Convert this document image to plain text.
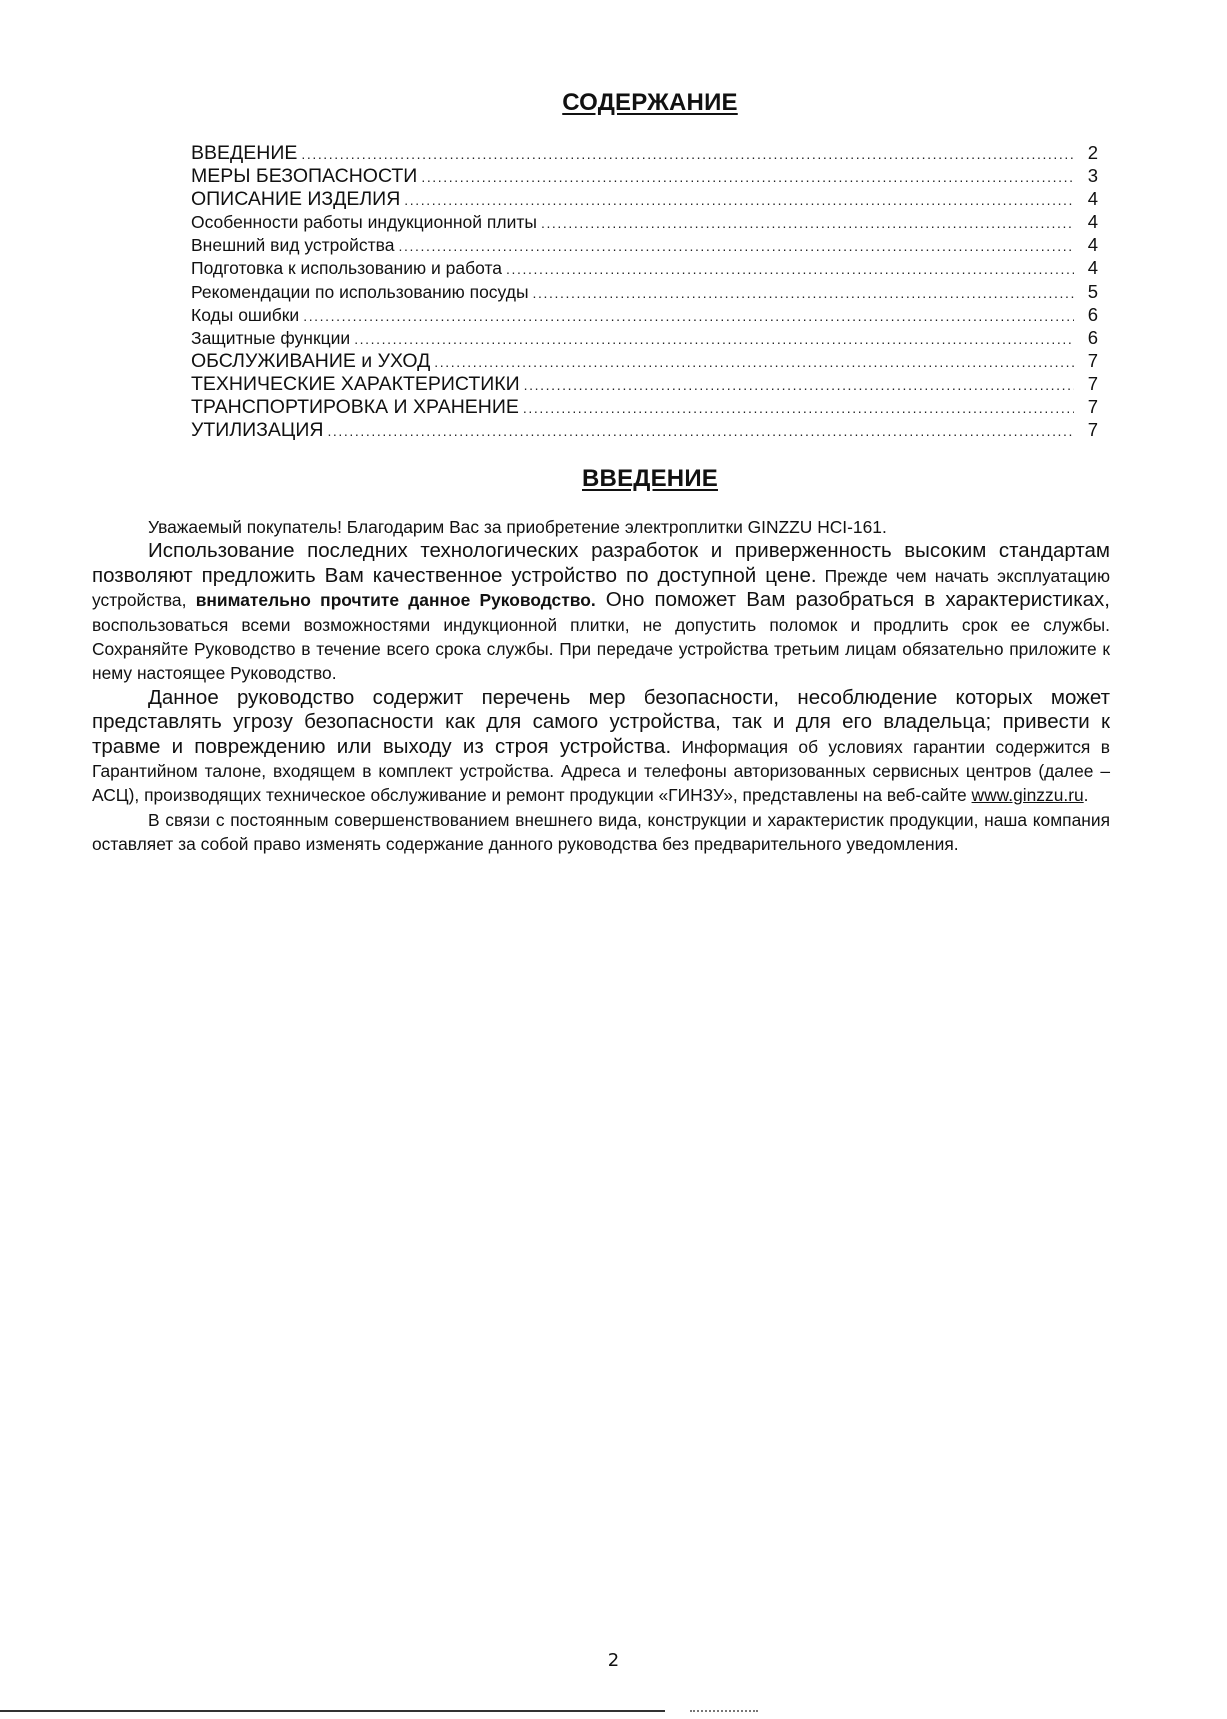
СОДЕРЖАНИЕ
ВВЕДЕНИЕ .....	2
МЕРЫ БЕЗОПАСНОСТИ .....	3
ОПИСАНИЕ ИЗДЕЛИЯ .....	4
Особенности работы индукционной плиты .....	4
Внешний вид устройства .....	4
Подготовка к использованию и работа .....	4
Рекомендации по использованию посуды .....	5
Коды ошибки .....	6
Защитные функции .....	6
ОБСЛУЖИВАНИЕ и УХОД .....	7
ТЕХНИЧЕСКИЕ ХАРАКТЕРИСТИКИ .....	7
ТРАНСПОРТИРОВКА И ХРАНЕНИЕ .....	7
УТИЛИЗАЦИЯ .....	7
ВВЕДЕНИЕ

Уважаемый покупатель! Благодарим Вас за приобретение электроплитки GINZZU HCI-161.

Использование последних технологических разработок и приверженность высоким стандартам позволяют предложить Вам качественное устройство по доступной цене. Прежде чем начать эксплуатацию устройства, внимательно прочтите данное Руководство. Оно поможет Вам разобраться в характеристиках, воспользоваться всеми возможностями индукционной плитки, не допустить поломок и продлить срок ее службы. Сохраняйте Руководство в течение всего срока службы. При передаче устройства третьим лицам обязательно приложите к нему настоящее Руководство.

Данное руководство содержит перечень мер безопасности, несоблюдение которых может представлять угрозу безопасности как для самого устройства, так и для его владельца; привести к травме и повреждению или выходу из строя устройства. Информация об условиях гарантии содержится в Гарантийном талоне, входящем в комплект устройства. Адреса и телефоны авторизованных сервисных центров (далее – АСЦ), производящих техническое обслуживание и ремонт продукции «ГИНЗУ», представлены на веб-сайте www.ginzzu.ru.

В связи с постоянным совершенствованием внешнего вида, конструкции и характеристик продукции, наша компания оставляет за собой право изменять содержание данного руководства без предварительного уведомления.

2
